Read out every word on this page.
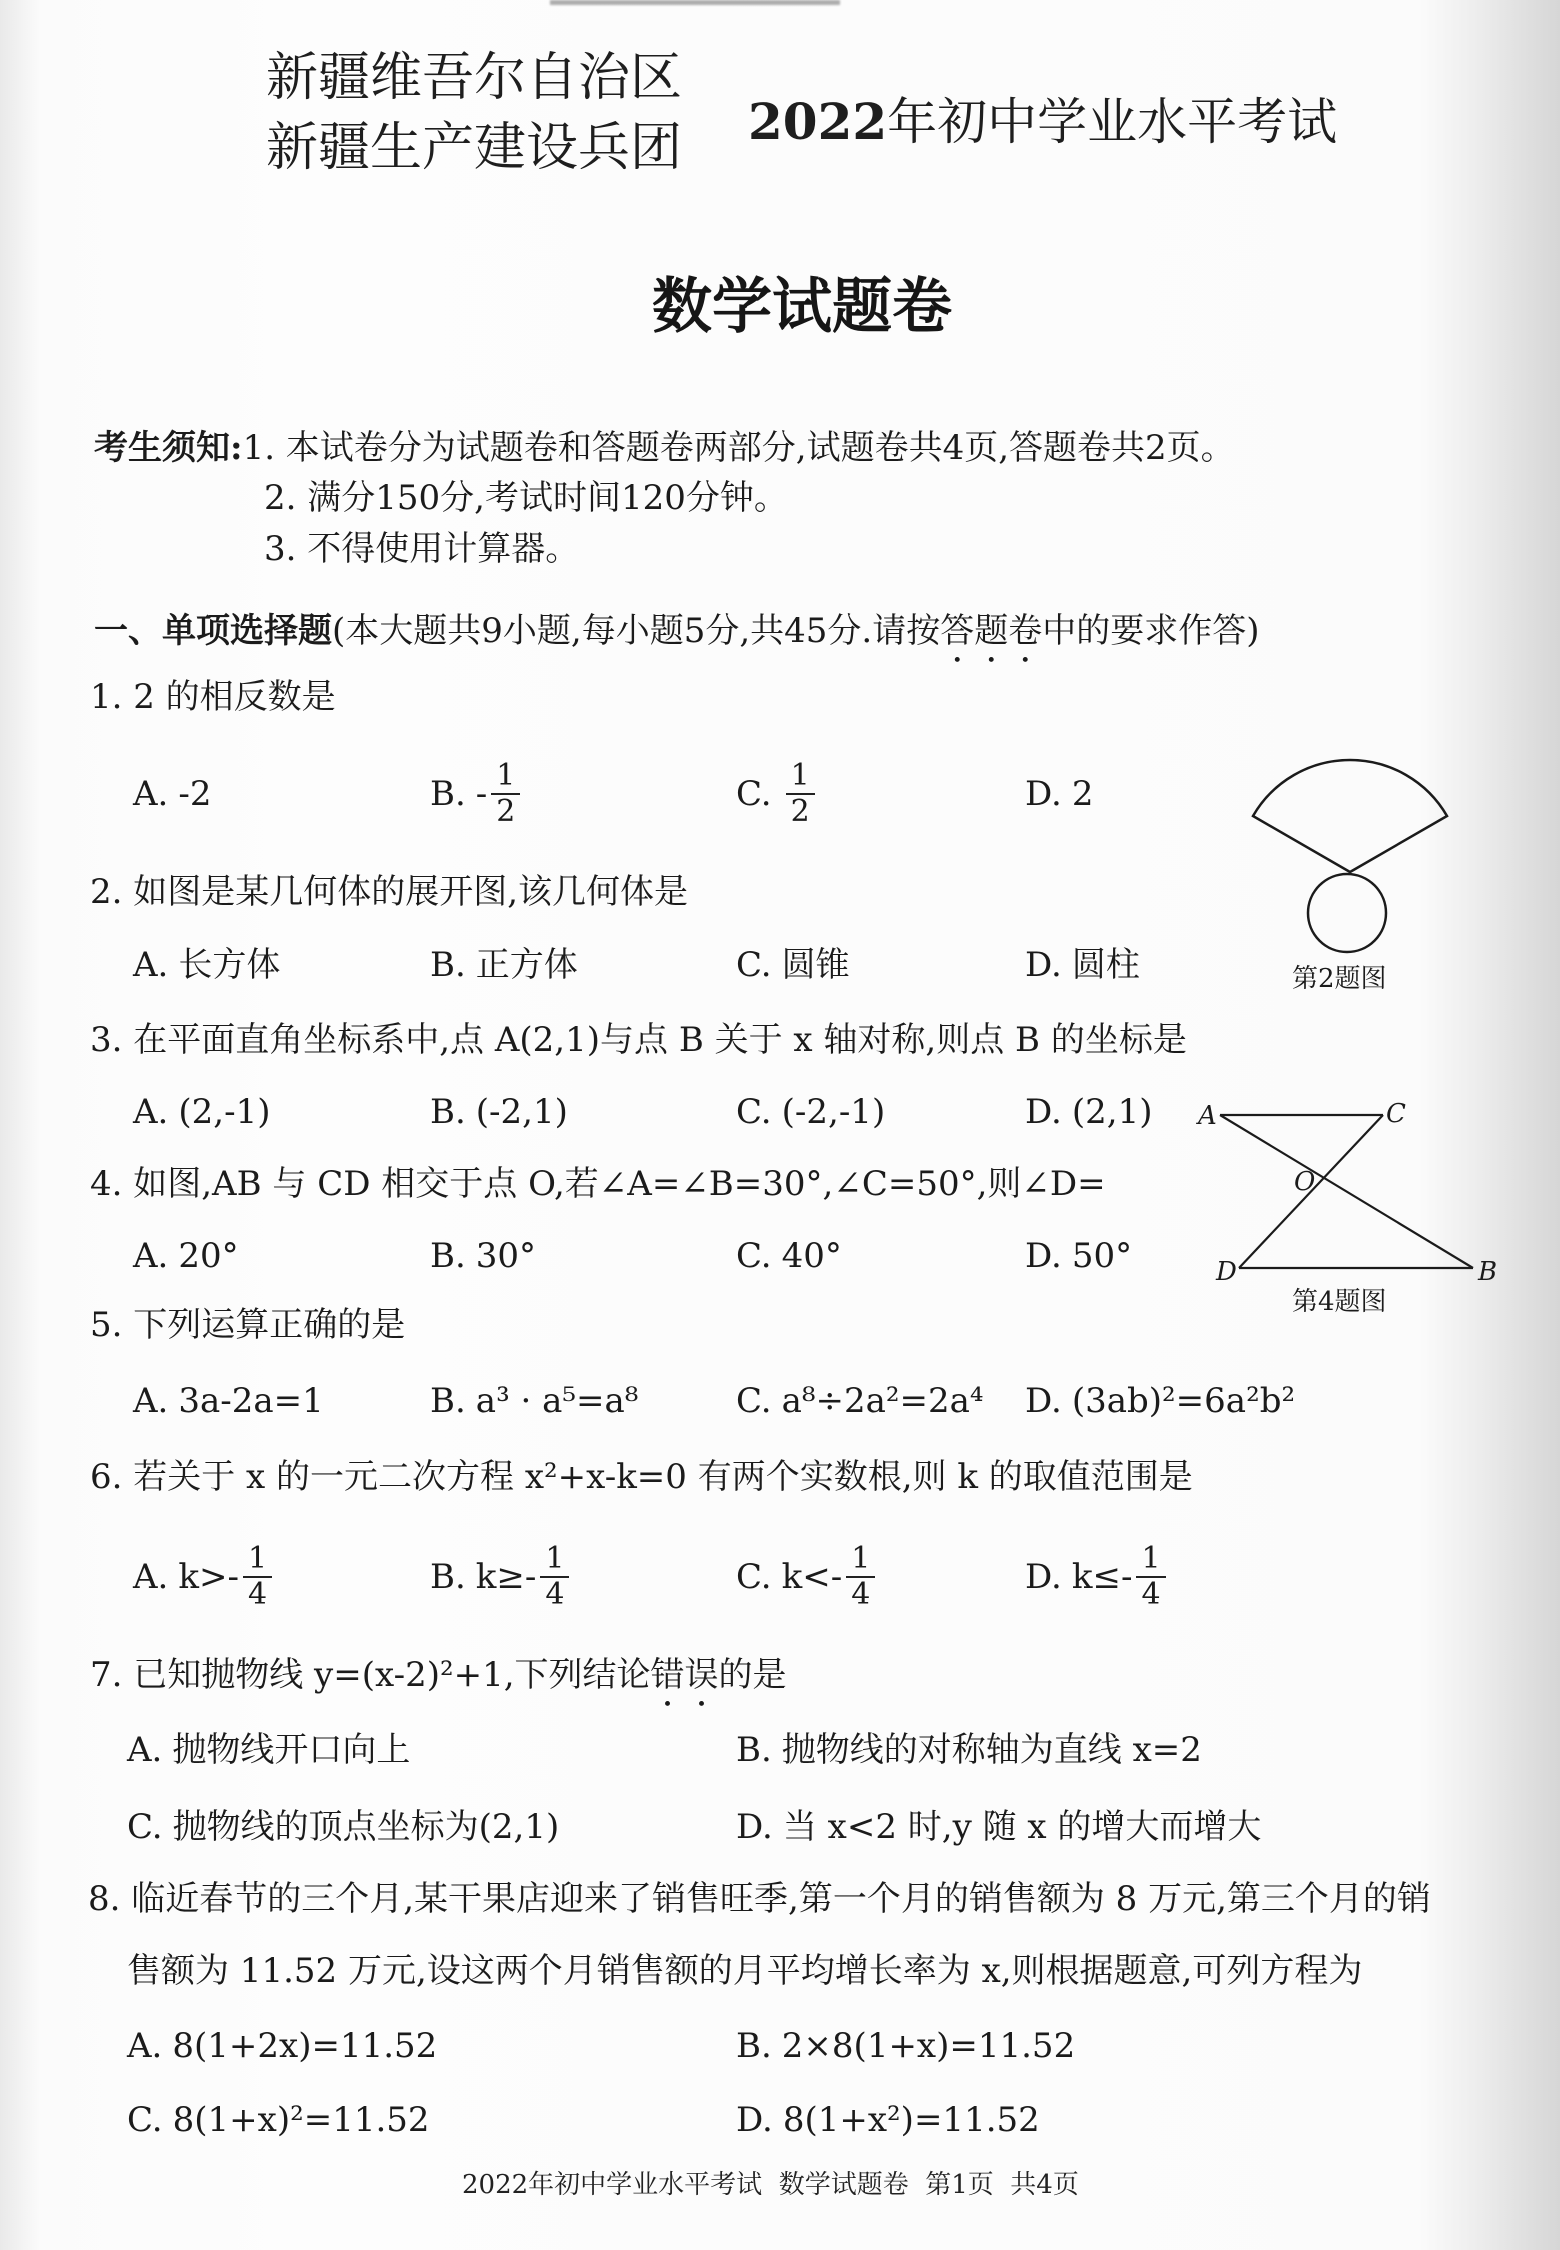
新疆维吾尔自治区
新疆生产建设兵团 2022年初中学业水平考试
数学试题卷
考生须知:1. 本试卷分为试题卷和答题卷两部分,试题卷共4页,答题卷共2页。
2. 满分150分,考试时间120分钟。
3. 不得使用计算器。
一、单项选择题(本大题共9小题,每小题5分,共45分.请按答题卷中的要求作答)
1. 2 的相反数是
A. -2	B. - $\frac{1}{2}$	C. $\frac{1}{2}$	D. 2
第2题图
2. 如图是某几何体的展开图,该几何体是
A. 长方体	B. 正方体	C. 圆锥	D. 圆柱
3. 在平面直角坐标系中,点 A(2,1)与点 B 关于 x 轴对称,则点 B 的坐标是
A. (2,-1)	B. (-2,1)	C. (-2,-1)	D. (2,1) A	C
O
D	B
第4题图
4. 如图,AB 与 CD 相交于点 O,若∠A=∠B=30°,∠C=50°,则∠D=
A. 20°	B. 30°	C. 40°	D. 50°
5. 下列运算正确的是
A. 3a-2a=1	B. a³ · a⁵=a⁸	C. a⁸÷2a²=2a⁴ D. (3ab)²=6a²b²
6. 若关于 x 的一元二次方程 x²+x-k=0 有两个实数根,则 k 的取值范围是
A. $k>- \frac{1}{4}$	B. $k\ge- \frac{1}{4}$	C. $k<- \frac{1}{4}$	D. $k\le- \frac{1}{4}$
7. 已知抛物线 y=(x-2)²+1,下列结论错误的是
A. 抛物线开口向上	B. 抛物线的对称轴为直线 x=2
C. 抛物线的顶点坐标为(2,1)	D. 当 x<2 时,y 随 x 的增大而增大
8. 临近春节的三个月,某干果店迎来了销售旺季,第一个月的销售额为 8 万元,第三个月的销
售额为 11.52 万元,设这两个月销售额的月平均增长率为 x,则根据题意,可列方程为
A. 8(1+2x)=11.52	B. 2×8(1+x)=11.52
C. 8(1+x)²=11.52	D. 8(1+x²)=11.52
2022年初中学业水平考试  数学试题卷  第1页  共4页
